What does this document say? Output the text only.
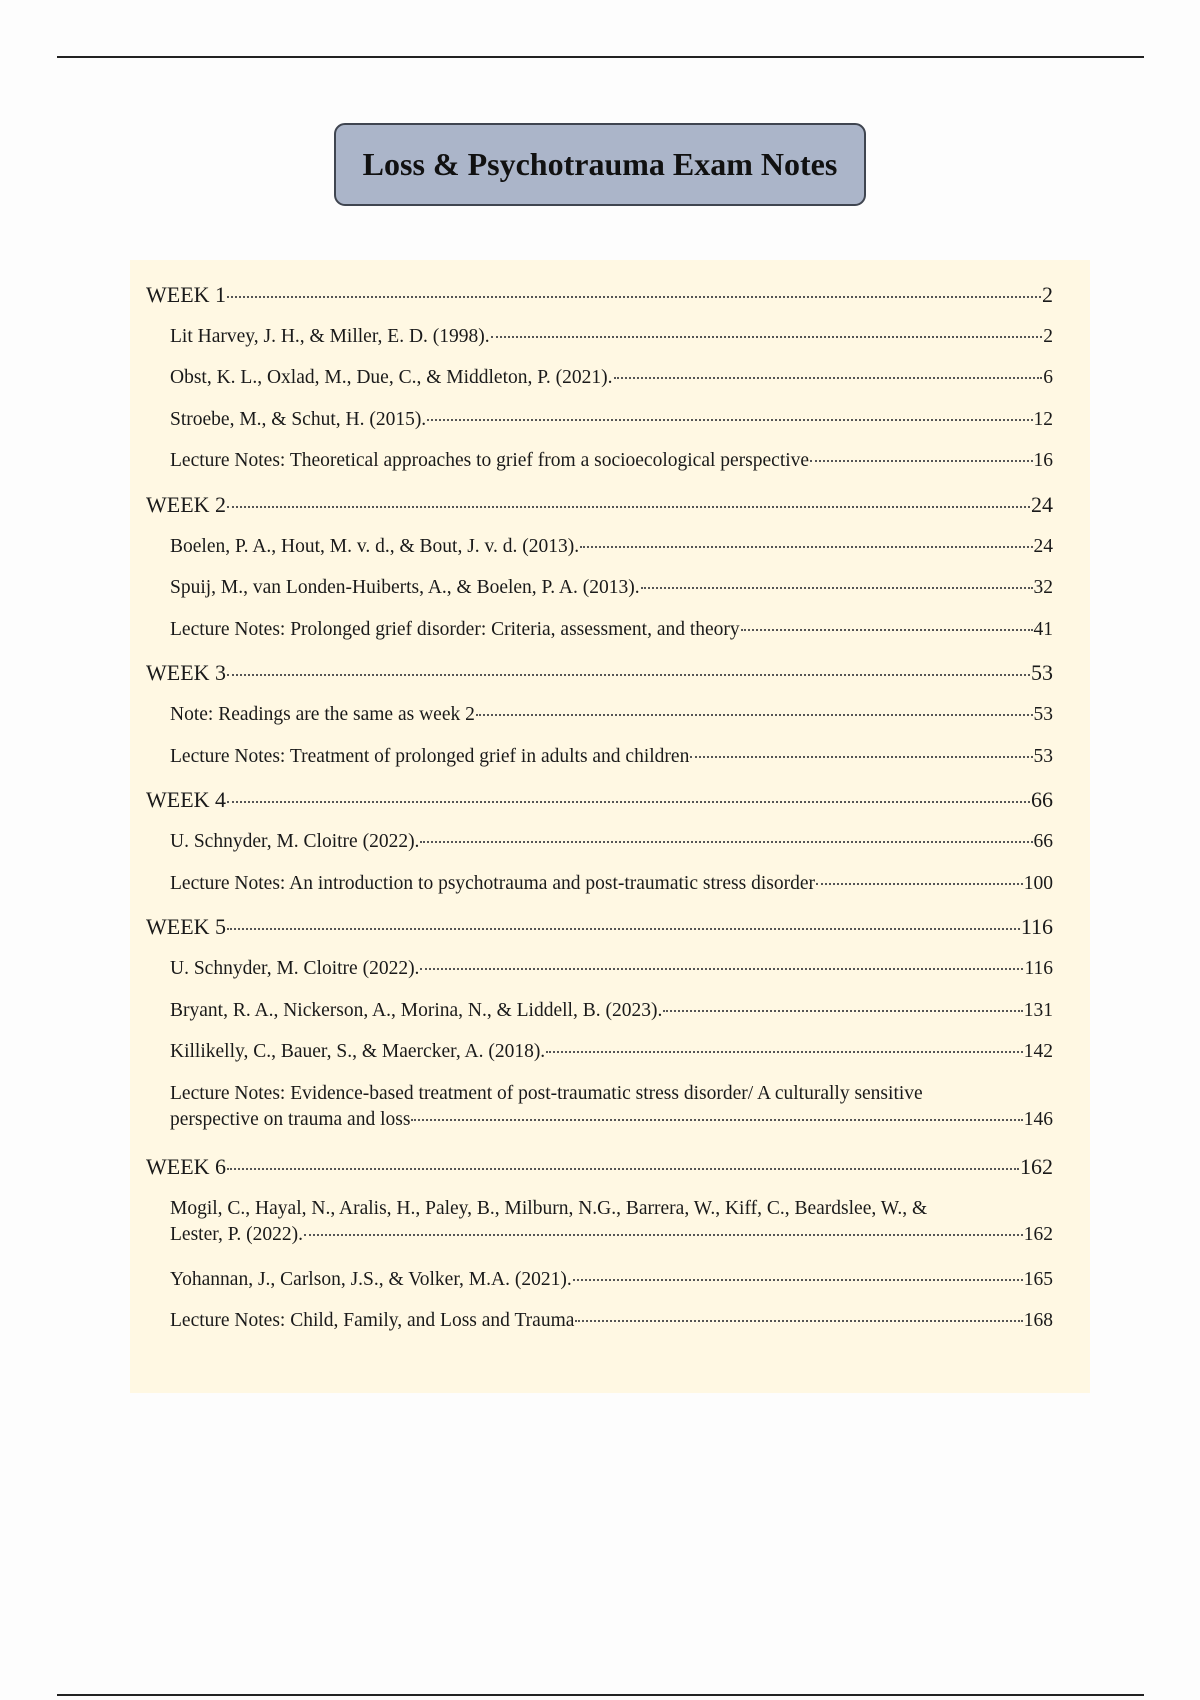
Loss & Psychotrauma Exam Notes
WEEK 1	2
Lit Harvey, J. H., & Miller, E. D. (1998).	2
Obst, K. L., Oxlad, M., Due, C., & Middleton, P. (2021).	6
Stroebe, M., & Schut, H. (2015).	12
Lecture Notes: Theoretical approaches to grief from a socioecological perspective	16
WEEK 2	24
Boelen, P. A., Hout, M. v. d., & Bout, J. v. d. (2013).	24
Spuij, M., van Londen-Huiberts, A., & Boelen, P. A. (2013).	32
Lecture Notes: Prolonged grief disorder: Criteria, assessment, and theory	41
WEEK 3	53
Note: Readings are the same as week 2	53
Lecture Notes: Treatment of prolonged grief in adults and children	53
WEEK 4	66
U. Schnyder, M. Cloitre (2022).	66
Lecture Notes: An introduction to psychotrauma and post-traumatic stress disorder	100
WEEK 5	116
U. Schnyder, M. Cloitre (2022).	116
Bryant, R. A., Nickerson, A., Morina, N., & Liddell, B. (2023).	131
Killikelly, C., Bauer, S., & Maercker, A. (2018).	142
Lecture Notes: Evidence-based treatment of post-traumatic stress disorder/ A culturally sensitive
perspective on trauma and loss	146
WEEK 6	162
Mogil, C., Hayal, N., Aralis, H., Paley, B., Milburn, N.G., Barrera, W., Kiff, C., Beardslee, W., &
Lester, P. (2022).	162
Yohannan, J., Carlson, J.S., & Volker, M.A. (2021).	165
Lecture Notes: Child, Family, and Loss and Trauma	168
